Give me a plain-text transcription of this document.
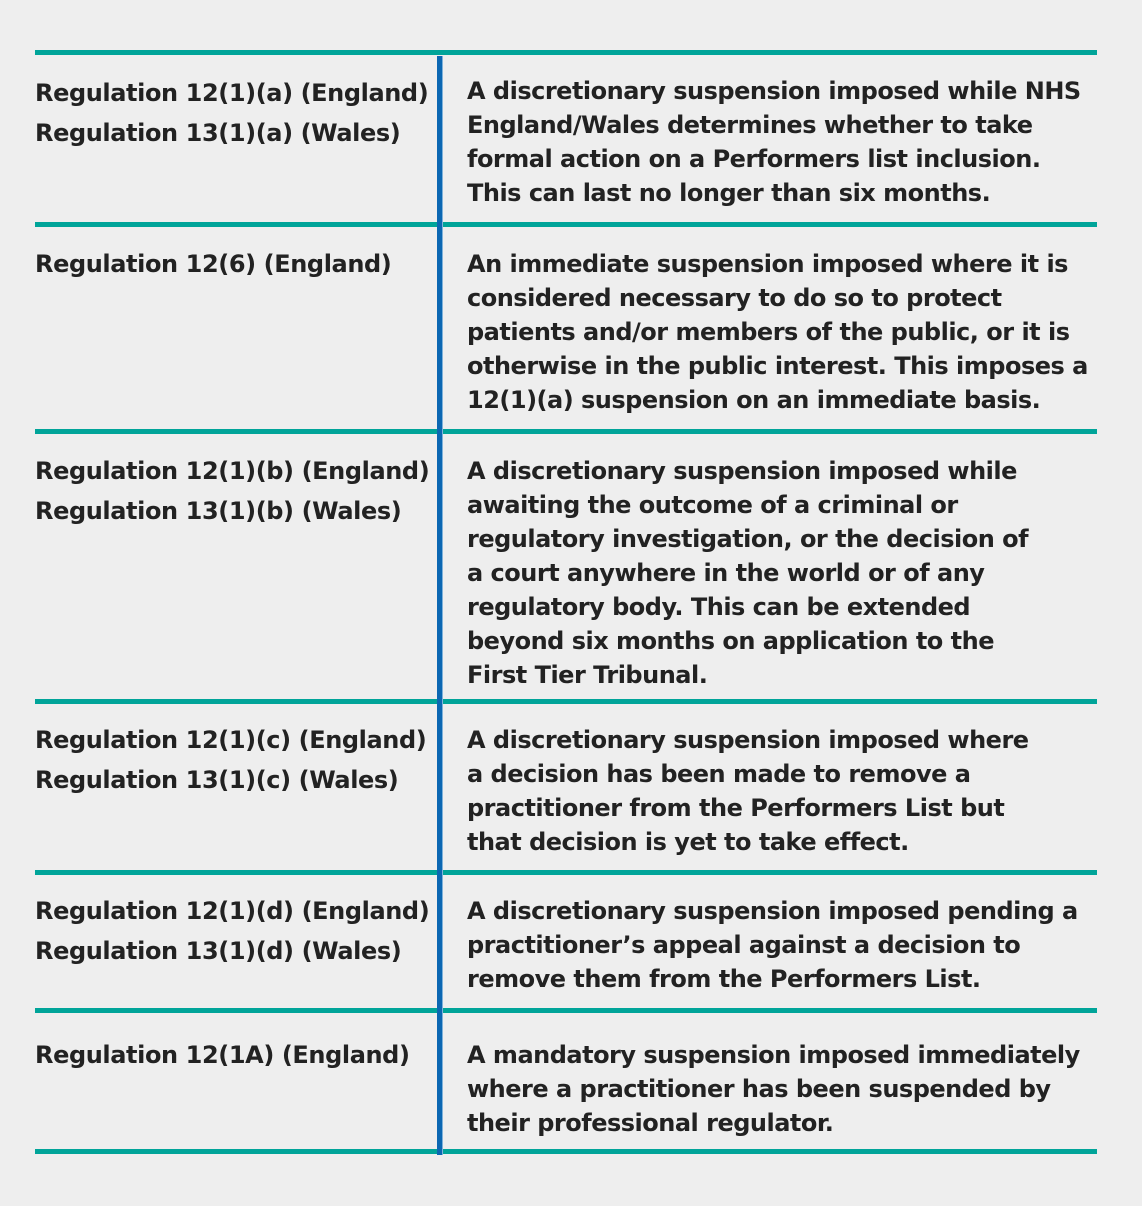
Regulation 12(1)(a) (England)
Regulation 13(1)(a) (Wales)
A discretionary suspension imposed while NHS
England/Wales determines whether to take
formal action on a Performers list inclusion.
This can last no longer than six months.
Regulation 12(6) (England)	An immediate suspension imposed where it is
considered necessary to do so to protect
patients and/or members of the public, or it is
otherwise in the public interest. This imposes a
12(1)(a) suspension on an immediate basis.
Regulation 12(1)(b) (England)
Regulation 13(1)(b) (Wales)
A discretionary suspension imposed while
awaiting the outcome of a criminal or
regulatory investigation, or the decision of
a court anywhere in the world or of any
regulatory body. This can be extended
beyond six months on application to the
First Tier Tribunal.
Regulation 12(1)(c) (England)
Regulation 13(1)(c) (Wales)
A discretionary suspension imposed where
a decision has been made to remove a
practitioner from the Performers List but
that decision is yet to take effect.
Regulation 12(1)(d) (England)
Regulation 13(1)(d) (Wales)
A discretionary suspension imposed pending a
practitioner’s appeal against a decision to
remove them from the Performers List.
Regulation 12(1A) (England)	A mandatory suspension imposed immediately
where a practitioner has been suspended by
their professional regulator.
